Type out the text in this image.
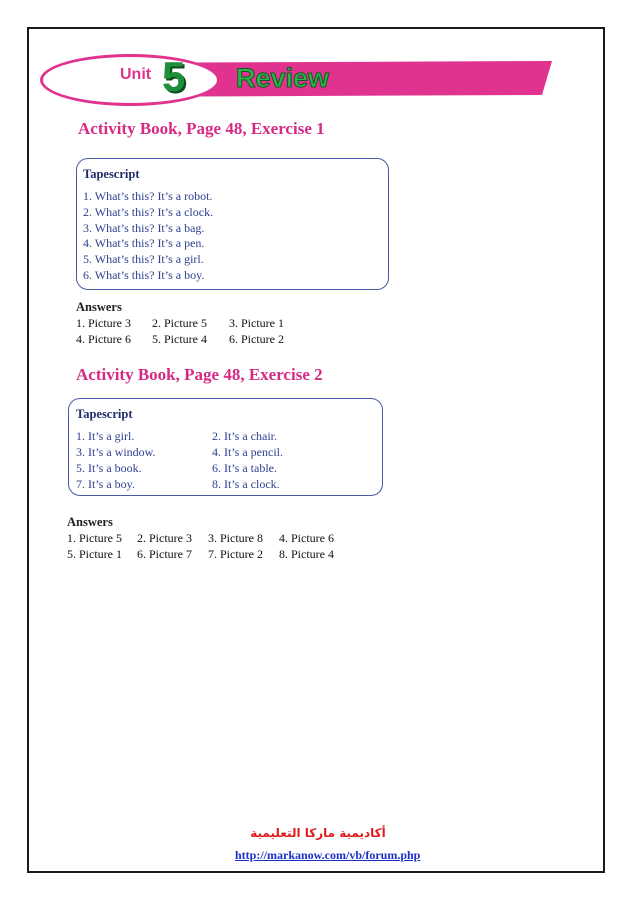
Unit 5 Review
Activity Book, Page 48, Exercise 1
Tapescript
1. What’s this? It’s a robot.
2. What’s this? It’s a clock.
3. What’s this? It’s a bag.
4. What’s this? It’s a pen.
5. What’s this? It’s a girl.
6. What’s this? It’s a boy.
Answers
1. Picture 3 2. Picture 5 3. Picture 1
4. Picture 6 5. Picture 4 6. Picture 2
Activity Book, Page 48, Exercise 2
Tapescript
1. It’s a girl.	2. It’s a chair.
3. It’s a window.	4. It’s a pencil.
5. It’s a book.	6. It’s a table.
7. It’s a boy.	8. It’s a clock.
Answers
1. Picture 5 2. Picture 3 3. Picture 8 4. Picture 6
5. Picture 1 6. Picture 7 7. Picture 2 8. Picture 4
أكاديمية ماركا التعليمية
http://markanow.com/vb/forum.php
